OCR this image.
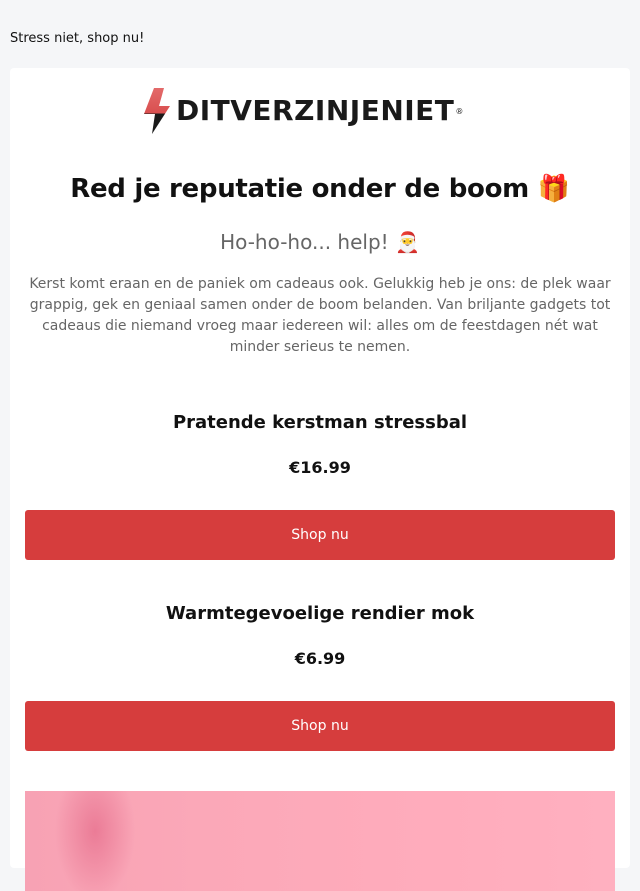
Stress niet, shop nu!
DITVERZINJENIET ®
Red je reputatie onder de boom 🎁
Ho-ho-ho... help! 🎅
Kerst komt eraan en de paniek om cadeaus ook. Gelukkig heb je ons: de plek waar grappig, gek en geniaal samen onder de boom belanden. Van briljante gadgets tot cadeaus die niemand vroeg maar iedereen wil: alles om de feestdagen nét wat minder serieus te nemen.
Pratende kerstman stressbal
€16.99
Shop nu
Warmtegevoelige rendier mok
€6.99
Shop nu
